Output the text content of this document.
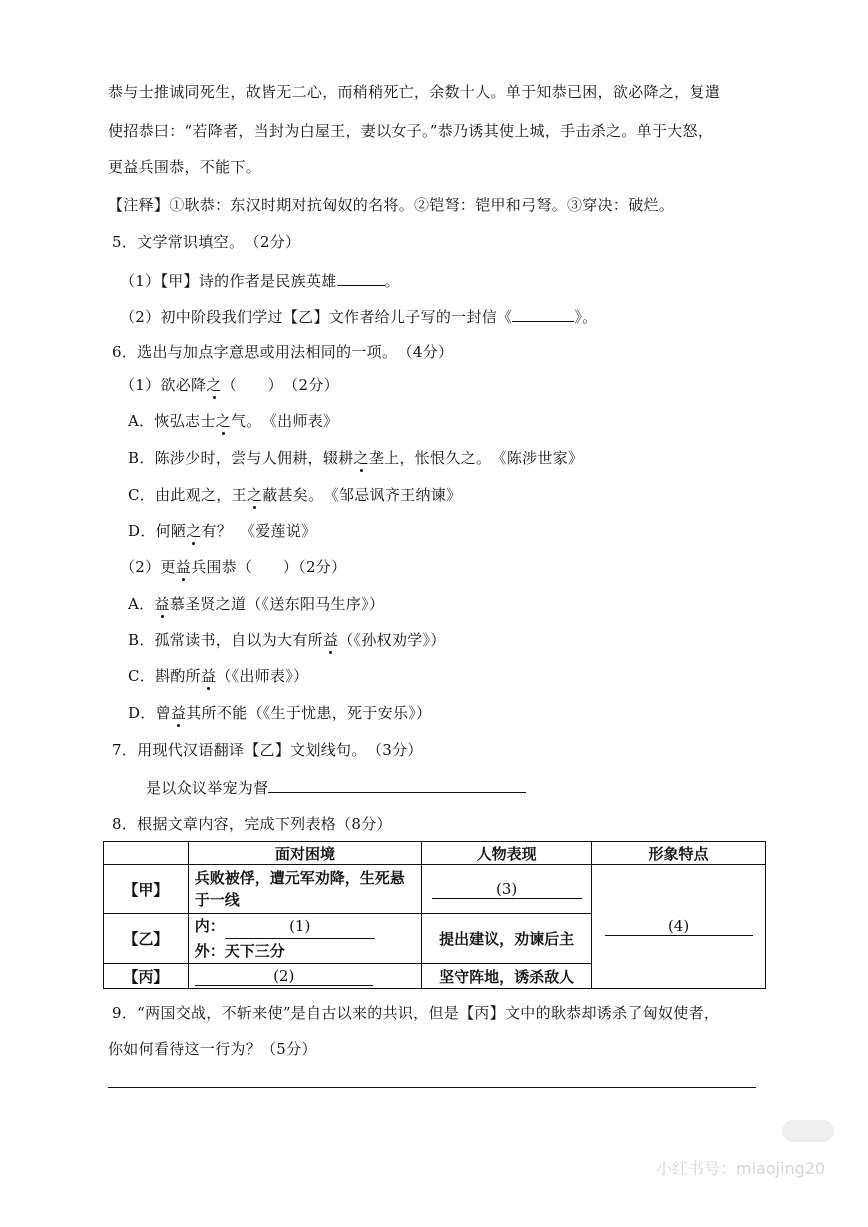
恭与士推诚同死生，故皆无二心，而稍稍死亡，余数十人。单于知恭已困，欲必降之，复遣
使招恭曰：“若降者，当封为白屋王，妻以女子。”恭乃诱其使上城，手击杀之。单于大怒，
更益兵围恭，不能下。
【注释】①耿恭：东汉时期对抗匈奴的名将。②铠弩：铠甲和弓弩。③穿决：破烂。
5．文学常识填空。　（2分）
（1）【甲】诗的作者是民族英雄	。
（2）初中阶段我们学过【乙】文作者给儿子写的一封信《	》。
6．选出与加点字意思或用法相同的一项。　（4分）
（1）欲必降之（　　）　（2分）
A．恢弘志士之气。　《出师表》
B．陈涉少时，尝与人佣耕，辍耕之垄上，怅恨久之。　《陈涉世家》
C．由此观之，王之蔽甚矣。　《邹忌讽齐王纳谏》
D．何陋之有？　《爱莲说》
（2）更益兵围恭（　　）（2分）
A．益慕圣贤之道（《送东阳马生序》）
B．孤常读书，自以为大有所益（《孙权劝学》）
C．斟酌所益（《出师表》）
D．曾益其所不能（《生于忧患，死于安乐》）
7．用现代汉语翻译【乙】文划线句。　（3分）
是以众议举宠为督
8．根据文章内容，完成下列表格（8分）
	面对困境	人物表现	形象特点
【甲】	兵败被俘，遭元军劝降，生死悬于一线	(3)	(4)
【乙】	内： (1)
外：天下三分	提出建议，劝谏后主	
【丙】	(2)	坚守阵地，诱杀敌人	
9．“两国交战，不斩来使”是自古以来的共识，但是【丙】文中的耿恭却诱杀了匈奴使者，
你如何看待这一行为？（5分）
小红书号：miaojing20
